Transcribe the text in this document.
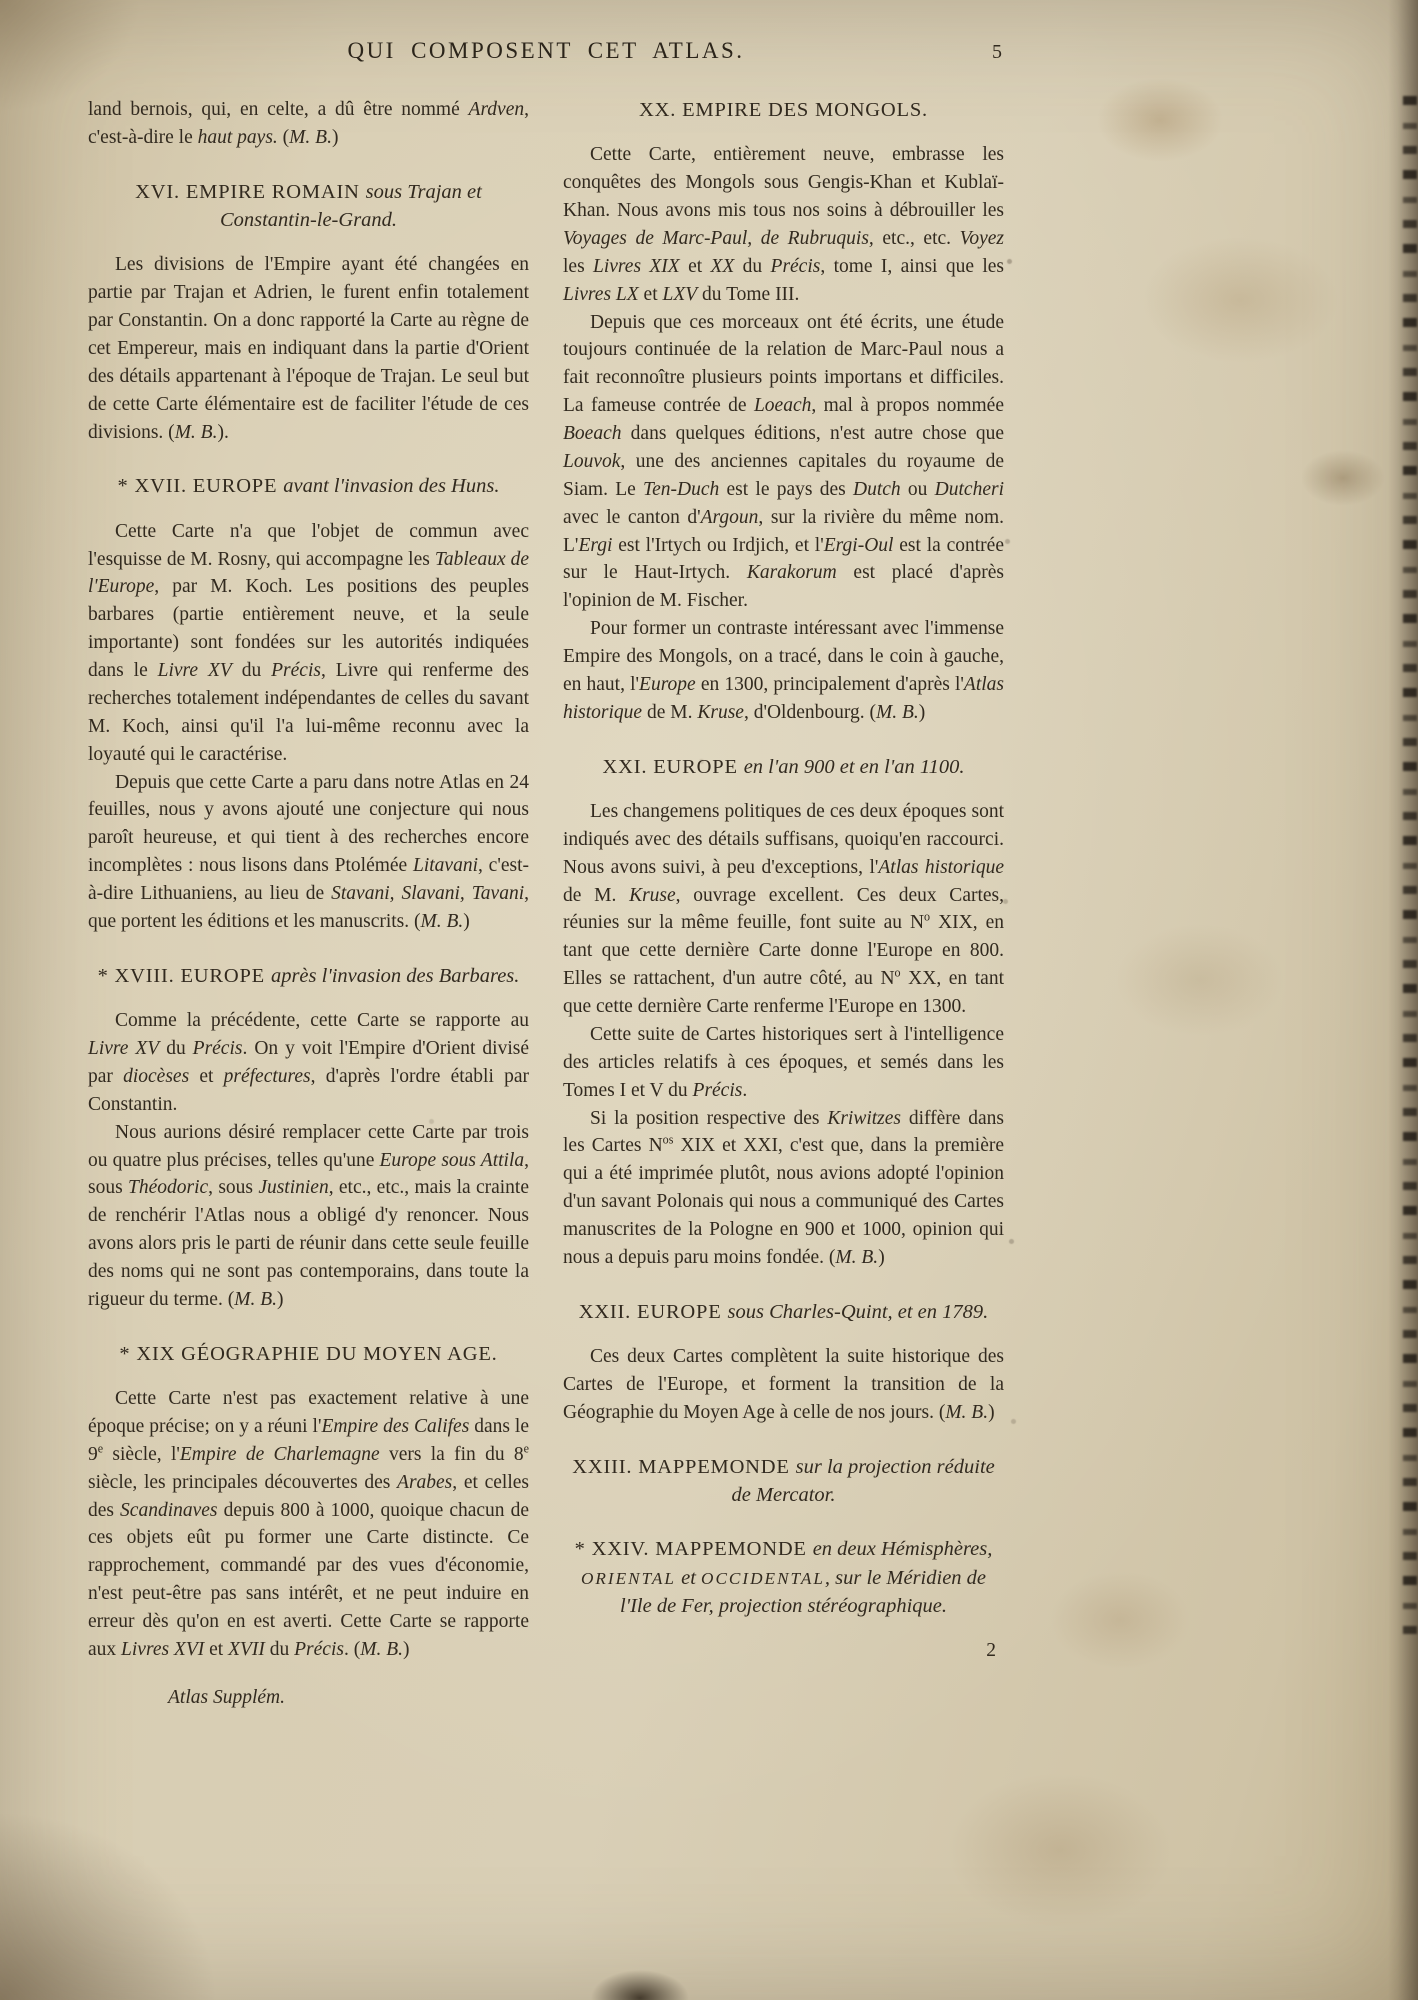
QUI COMPOSENT CET ATLAS.	5
land bernois, qui, en celte, a dû être nommé Ardven, c'est-à-dire le haut pays. (M. B.)
XVI. EMPIRE ROMAIN sous Trajan et Constantin-le-Grand.
Les divisions de l'Empire ayant été changées en partie par Trajan et Adrien, le furent enfin totalement par Constantin. On a donc rapporté la Carte au règne de cet Empereur, mais en indiquant dans la partie d'Orient des détails appartenant à l'époque de Trajan. Le seul but de cette Carte élémentaire est de faciliter l'étude de ces divisions. (M. B.).
* XVII. EUROPE avant l'invasion des Huns.
Cette Carte n'a que l'objet de commun avec l'esquisse de M. Rosny, qui accompagne les Tableaux de l'Europe, par M. Koch. Les positions des peuples barbares (partie entièrement neuve, et la seule importante) sont fondées sur les autorités indiquées dans le Livre XV du Précis, Livre qui renferme des recherches totalement indépendantes de celles du savant M. Koch, ainsi qu'il l'a lui-même reconnu avec la loyauté qui le caractérise.
Depuis que cette Carte a paru dans notre Atlas en 24 feuilles, nous y avons ajouté une conjecture qui nous paroît heureuse, et qui tient à des recherches encore incomplètes : nous lisons dans Ptolémée Litavani, c'est-à-dire Lithuaniens, au lieu de Stavani, Slavani, Tavani, que portent les éditions et les manuscrits. (M. B.)
* XVIII. EUROPE après l'invasion des Barbares.
Comme la précédente, cette Carte se rapporte au Livre XV du Précis. On y voit l'Empire d'Orient divisé par diocèses et préfectures, d'après l'ordre établi par Constantin.
Nous aurions désiré remplacer cette Carte par trois ou quatre plus précises, telles qu'une Europe sous Attila, sous Théodoric, sous Justinien, etc., etc., mais la crainte de renchérir l'Atlas nous a obligé d'y renoncer. Nous avons alors pris le parti de réunir dans cette seule feuille des noms qui ne sont pas contemporains, dans toute la rigueur du terme. (M. B.)
* XIX GÉOGRAPHIE DU MOYEN AGE.
Cette Carte n'est pas exactement relative à une époque précise; on y a réuni l'Empire des Califes dans le 9e siècle, l'Empire de Charlemagne vers la fin du 8e siècle, les principales découvertes des Arabes, et celles des Scandinaves depuis 800 à 1000, quoique chacun de ces objets eût pu former une Carte distincte. Ce rapprochement, commandé par des vues d'économie, n'est peut-être pas sans intérêt, et ne peut induire en erreur dès qu'on en est averti. Cette Carte se rapporte aux Livres XVI et XVII du Précis. (M. B.)
Atlas Supplém.
XX. EMPIRE DES MONGOLS.
Cette Carte, entièrement neuve, embrasse les conquêtes des Mongols sous Gengis-Khan et Kublaï-Khan. Nous avons mis tous nos soins à débrouiller les Voyages de Marc-Paul, de Rubruquis, etc., etc. Voyez les Livres XIX et XX du Précis, tome I, ainsi que les Livres LX et LXV du Tome III.
Depuis que ces morceaux ont été écrits, une étude toujours continuée de la relation de Marc-Paul nous a fait reconnoître plusieurs points importans et difficiles. La fameuse contrée de Loeach, mal à propos nommée Boeach dans quelques éditions, n'est autre chose que Louvok, une des anciennes capitales du royaume de Siam. Le Ten-Duch est le pays des Dutch ou Dutcheri avec le canton d'Argoun, sur la rivière du même nom. L'Ergi est l'Irtych ou Irdjich, et l'Ergi-Oul est la contrée sur le Haut-Irtych. Karakorum est placé d'après l'opinion de M. Fischer.
Pour former un contraste intéressant avec l'immense Empire des Mongols, on a tracé, dans le coin à gauche, en haut, l'Europe en 1300, principalement d'après l'Atlas historique de M. Kruse, d'Oldenbourg. (M. B.)
XXI. EUROPE en l'an 900 et en l'an 1100.
Les changemens politiques de ces deux époques sont indiqués avec des détails suffisans, quoiqu'en raccourci. Nous avons suivi, à peu d'exceptions, l'Atlas historique de M. Kruse, ouvrage excellent. Ces deux Cartes, réunies sur la même feuille, font suite au $N^o$ XIX, en tant que cette dernière Carte donne l'Europe en 800. Elles se rattachent, d'un autre côté, au $N^o$ XX, en tant que cette dernière Carte renferme l'Europe en 1300.
Cette suite de Cartes historiques sert à l'intelligence des articles relatifs à ces époques, et semés dans les Tomes I et V du Précis.
Si la position respective des Kriwitzes diffère dans les Cartes $N^{os}$ XIX et XXI, c'est que, dans la première qui a été imprimée plutôt, nous avions adopté l'opinion d'un savant Polonais qui nous a communiqué des Cartes manuscrites de la Pologne en 900 et 1000, opinion qui nous a depuis paru moins fondée. (M. B.)
XXII. EUROPE sous Charles-Quint, et en 1789.
Ces deux Cartes complètent la suite historique des Cartes de l'Europe, et forment la transition de la Géographie du Moyen Age à celle de nos jours. (M. B.)
XXIII. MAPPEMONDE sur la projection réduite de Mercator.
* XXIV. MAPPEMONDE en deux Hémisphères, ORIENTAL et OCCIDENTAL, sur le Méridien de l'Ile de Fer, projection stéréographique.
2
